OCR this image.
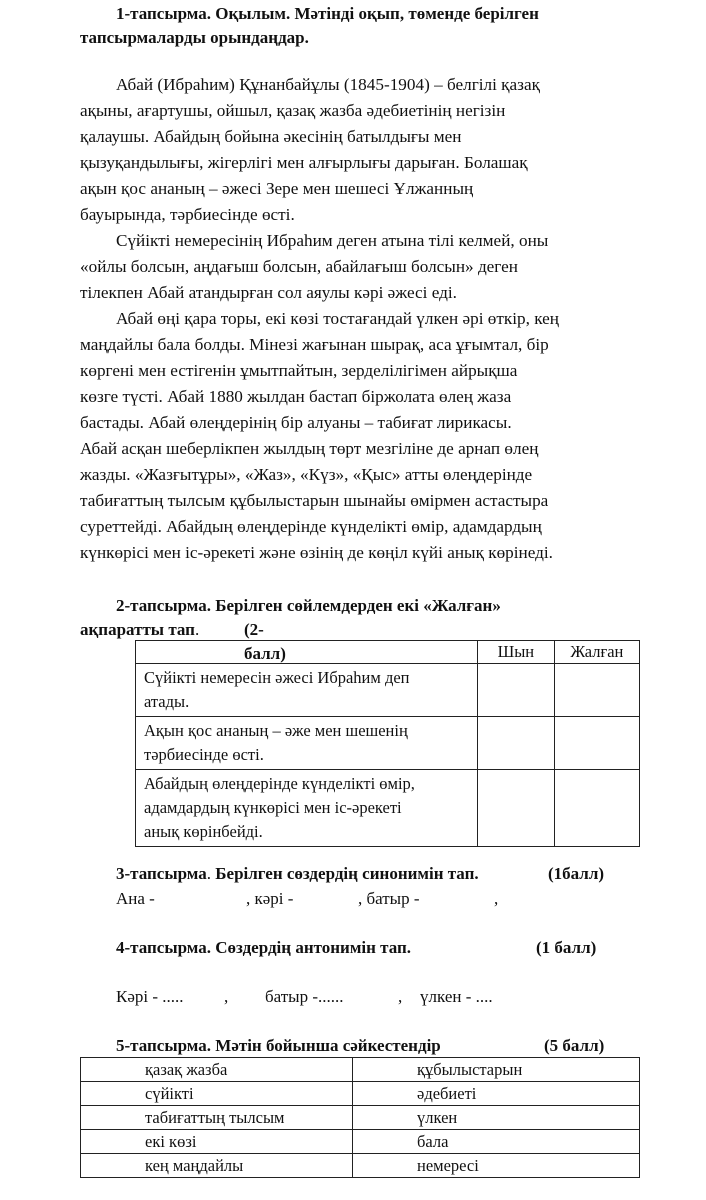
1-тапсырма. Оқылым. Мәтінді оқып, төменде берілген
тапсырмаларды орындаңдар.
Абай (Ибраһим) Құнанбайұлы (1845-1904) – белгілі қазақ
ақыны, ағартушы, ойшыл, қазақ жазба әдебиетінің негізін
қалаушы. Абайдың бойына әкесінің батылдығы мен
қызуқандылығы, жігерлігі мен алғырлығы дарыған. Болашақ
ақын қос ананың – әжесі Зере мен шешесі Ұлжанның
бауырында, тәрбиесінде өсті.
Сүйікті немересінің Ибраһим деген атына тілі келмей, оны
«ойлы болсын, аңдағыш болсын, абайлағыш болсын» деген
тілекпен Абай атандырған сол аяулы кәрі әжесі еді.
Абай өңі қара торы, екі көзі тостағандай үлкен әрі өткір, кең
маңдайлы бала болды. Мінезі жағынан шырақ, аса ұғымтал, бір
көргені мен естігенін ұмытпайтын, зерделілігімен айрықша
көзге түсті. Абай 1880 жылдан бастап біржолата өлең жаза
бастады. Абай өлеңдерінің бір алуаны – табиғат лирикасы.
Абай асқан шеберлікпен жылдың төрт мезгіліне де арнап өлең
жазды. «Жазғытұры», «Жаз», «Күз», «Қыс» атты өлеңдерінде
табиғаттың тылсым құбылыстарын шынайы өмірмен астастыра
суреттейді. Абайдың өлеңдерінде күнделікті өмір, адамдардың
күнкөрісі мен іс-әрекеті және өзінің де көңіл күйі анық көрінеді.
2-тапсырма. Берілген сөйлемдерден екі «Жалған»
ақпаратты тап.	(2-балл)
		Шын	Жалған

Сүйікті немересін әжесі Ибраһим деп
атады.		

Ақын қос ананың – әже мен шешенің
тәрбиесінде өсті.		

Абайдың өлеңдерінде күнделікті өмір,
адамдардың күнкөрісі мен іс-әрекеті
анық көрінбейді.		

3-тапсырма. Берілген сөздердің синонимін тап.	(1балл)
Ана -	, кәрі -	, батыр -	,
4-тапсырма. Сөздердің антонимін тап.	(1 балл)
Кәрі - ..... , батыр -......	, үлкен - ....
5-тапсырма. Мәтін бойынша сәйкестендір	(5 балл)
қазақ жазба	құбылыстарын
сүйікті	әдебиеті
табиғаттың тылсым	үлкен
екі көзі	бала
кең маңдайлы	немересі
